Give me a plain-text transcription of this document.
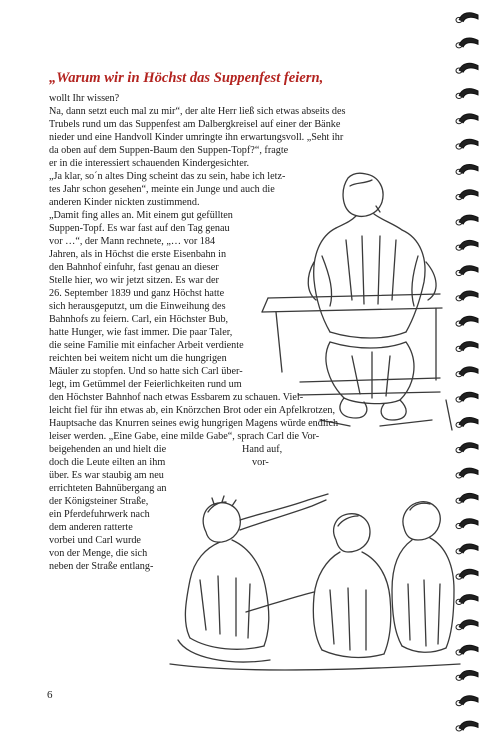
„Warum wir in Höchst das Suppenfest feiern,
wollt Ihr wissen?
Na, dann setzt euch mal zu mir“, der alte Herr ließ sich etwas abseits des
Trubels rund um das Suppenfest am Dalbergkreisel auf einer der Bänke
nieder und eine Handvoll Kinder umringte ihn erwartungsvoll. „Seht ihr
da oben auf dem Suppen-Baum den Suppen-Topf?“, fragte
er in die interessiert schauenden Kindergesichter.
„Ja klar, so´n altes Ding scheint das zu sein, habe ich letz-
tes Jahr schon gesehen“, meinte ein Junge und auch die
anderen Kinder nickten zustimmend.
„Damit fing alles an. Mit einem gut gefüllten
Suppen-Topf. Es war fast auf den Tag genau
vor …“, der Mann rechnete, „… vor 184
Jahren, als in Höchst die erste Eisenbahn in
den Bahnhof einfuhr, fast genau an dieser
Stelle hier, wo wir jetzt sitzen. Es war der
26. September 1839 und ganz Höchst hatte
sich herausgeputzt, um die Einweihung des
Bahnhofs zu feiern. Carl, ein Höchster Bub,
hatte Hunger, wie fast immer. Die paar Taler,
die seine Familie mit einfacher Arbeit verdiente
reichten bei weitem nicht um die hungrigen
Mäuler zu stopfen. Und so hatte sich Carl über-
legt, im Getümmel der Feierlichkeiten rund um
den Höchster Bahnhof nach etwas Essbarem zu schauen. Viel-
leicht fiel für ihn etwas ab, ein Knörzchen Brot oder ein Apfelkrotzen,
Hauptsache das Knurren seines ewig hungrigen Magens würde endlich
leiser werden. „Eine Gabe, eine milde Gabe“, sprach Carl die Vor-
beigehenden an und hielt die	Hand auf,
doch die Leute eilten an ihm	vor-
über. Es war staubig am neu
errichteten Bahnübergang an
der Königsteiner Straße,
ein Pferdefuhrwerk nach
dem anderen ratterte
vorbei und Carl wurde
von der Menge, die sich
neben der Straße entlang-
6
